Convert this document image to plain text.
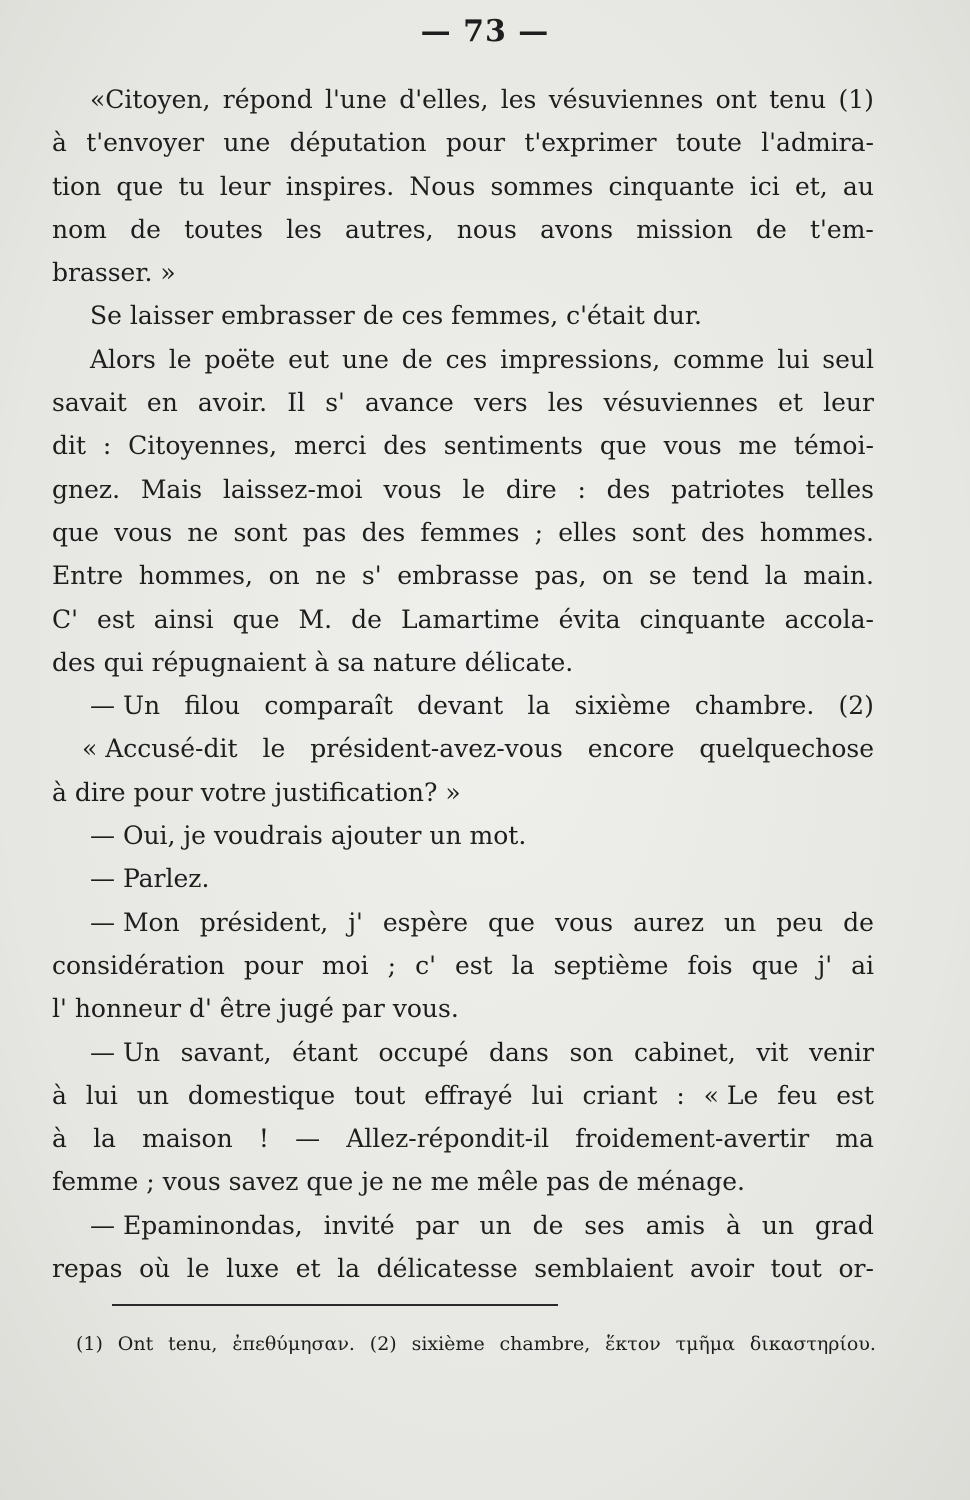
— 73 —
«Citoyen, répond l'une d'elles, les vésuviennes ont tenu (1)
à t'envoyer une députation pour t'exprimer toute l'admira-
tion que tu leur inspires. Nous sommes cinquante ici et, au
nom de toutes les autres, nous avons mission de t'em-
brasser. »
Se laisser embrasser de ces femmes, c'était dur.
Alors le poëte eut une de ces impressions, comme lui seul
savait en avoir. Il s' avance vers les vésuviennes et leur
dit : Citoyennes, merci des sentiments que vous me témoi-
gnez. Mais laissez-moi vous le dire : des patriotes telles
que vous ne sont pas des femmes ; elles sont des hommes.
Entre hommes, on ne s' embrasse pas, on se tend la main.
C' est ainsi que M. de Lamartime évita cinquante accola-
des qui répugnaient à sa nature délicate.
— Un filou comparaît devant la sixième chambre. (2)
« Accusé-dit le président-avez-vous encore quelquechose
à dire pour votre justification? »
— Oui, je voudrais ajouter un mot.
— Parlez.
— Mon président, j' espère que vous aurez un peu de
considération pour moi ; c' est la septième fois que j' ai
l' honneur d' être jugé par vous.
— Un savant, étant occupé dans son cabinet, vit venir
à lui un domestique tout effrayé lui criant : « Le feu est
à la maison ! — Allez-répondit-il froidement-avertir ma
femme ; vous savez que je ne me mêle pas de ménage.
— Epaminondas, invité par un de ses amis à un grad
repas où le luxe et la délicatesse semblaient avoir tout or-
(1) Ont tenu, ἐπεθύμησαν. (2) sixième chambre, ἕκτον τμῆμα δικαστηρίου.
